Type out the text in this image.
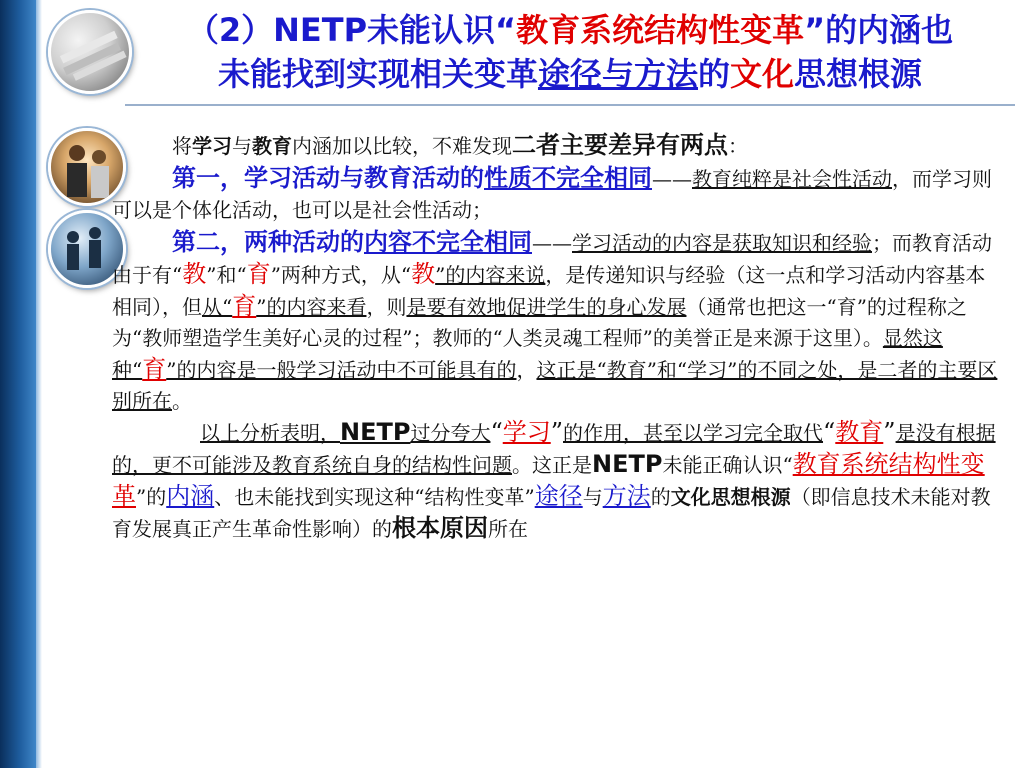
（2）NETP未能认识“教育系统结构性变革”的内涵也
未能找到实现相关变革途径与方法的文化思想根源

将学习与教育内涵加以比较，不难发现二者主要差异有两点：

第一，学习活动与教育活动的性质不完全相同——教育纯粹是社会性活动，而学习则可以是个体化活动，也可以是社会性活动；

第二，两种活动的内容不完全相同——学习活动的内容是获取知识和经验；而教育活动由于有“教”和“育”两种方式，从“教”的内容来说，是传递知识与经验（这一点和学习活动内容基本相同），但从“育”的内容来看，则是要有效地促进学生的身心发展（通常也把这一“育”的过程称之为“教师塑造学生美好心灵的过程”；教师的“人类灵魂工程师”的美誉正是来源于这里）。显然这种“育”的内容是一般学习活动中不可能具有的，这正是“教育”和“学习”的不同之处，是二者的主要区别所在。

以上分析表明，NETP过分夸大“学习”的作用，甚至以学习完全取代“教育”是没有根据的，更不可能涉及教育系统自身的结构性问题。这正是NETP未能正确认识“教育系统结构性变革”的内涵、也未能找到实现这种“结构性变革”途径与方法的文化思想根源（即信息技术未能对教育发展真正产生革命性影响）的根本原因所在
